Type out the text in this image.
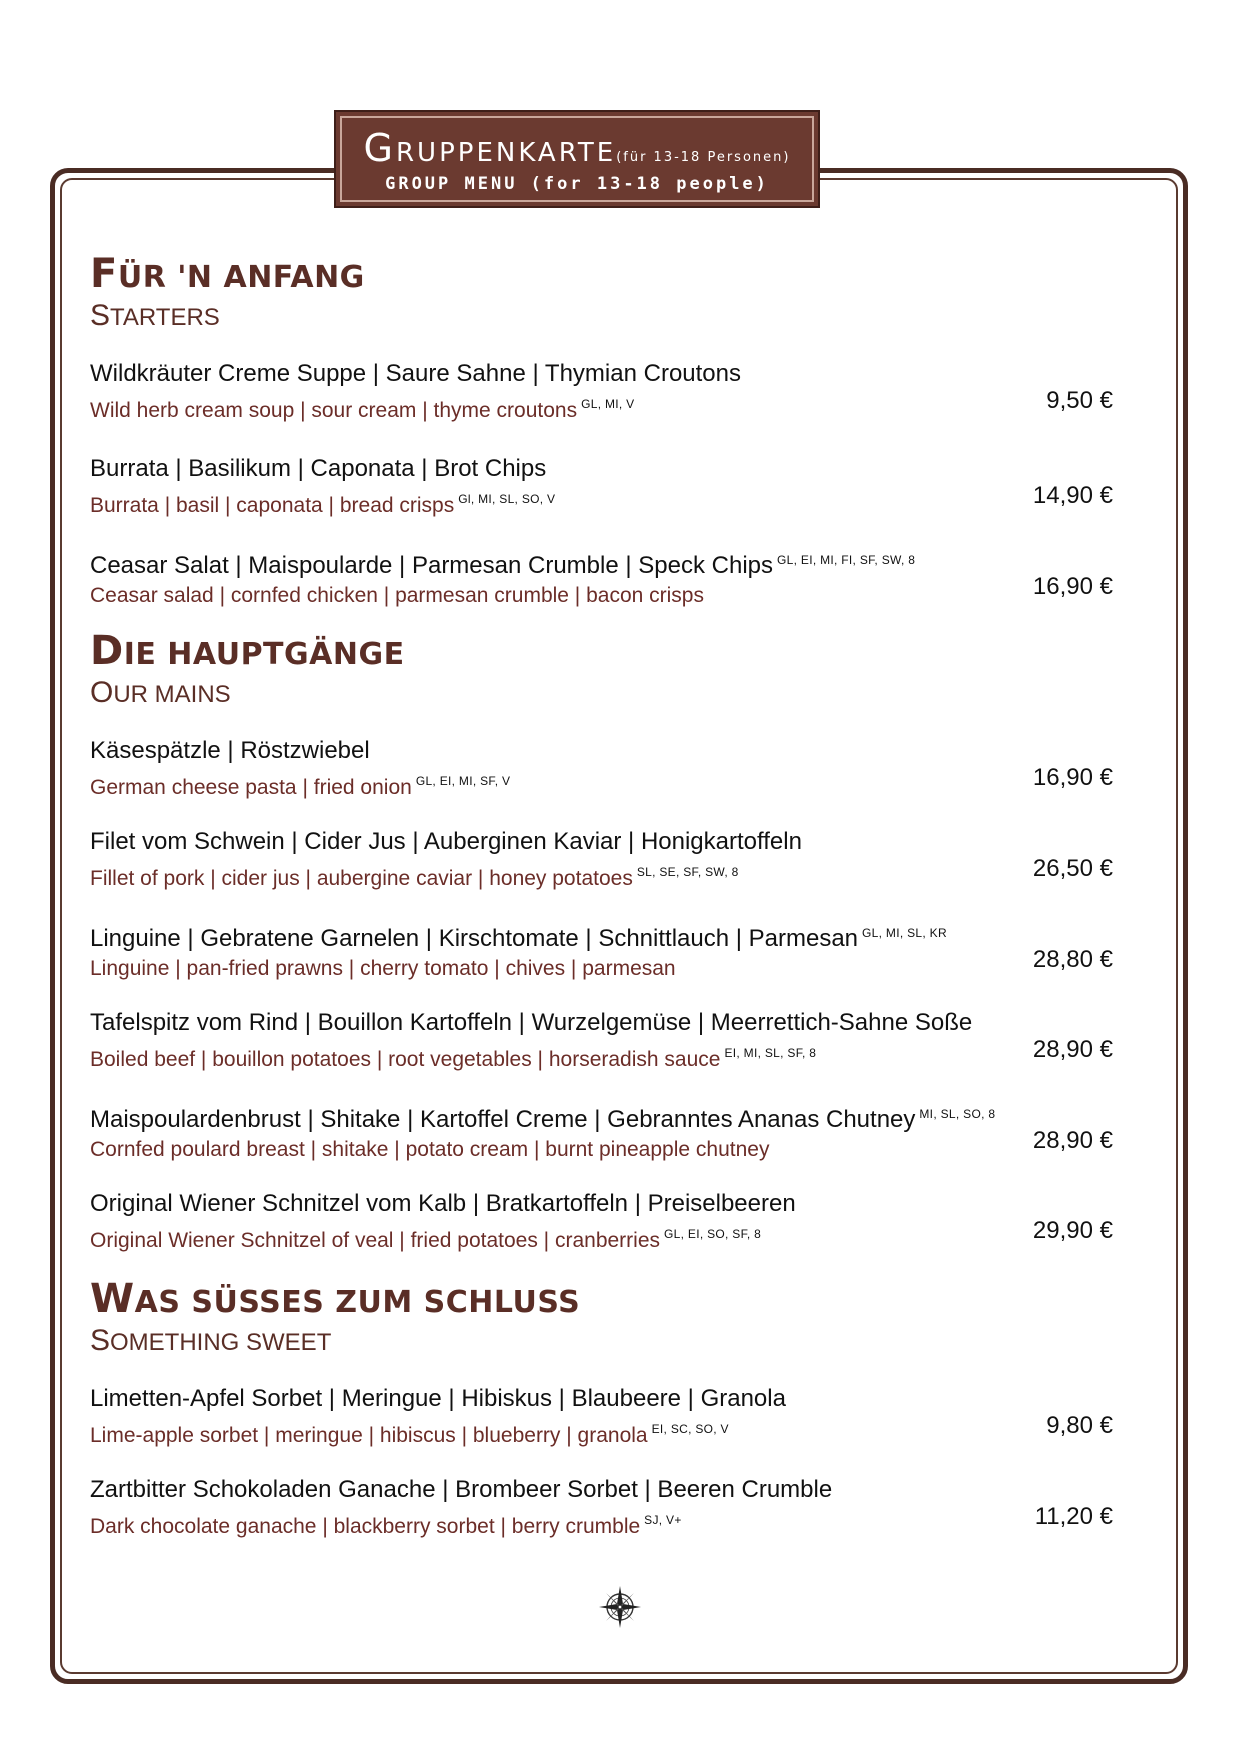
GRUPPENKARTE(für 13-18 Personen)
GROUP MENU (for 13-18 people)
FÜR 'N ANFANG
STARTERS
Wildkräuter Creme Suppe | Saure Sahne | Thymian Croutons
Wild herb cream soup | sour cream | thyme croutons $^{GL, MI, V}$	9,50 €
Burrata | Basilikum | Caponata | Brot Chips
Burrata | basil | caponata | bread crisps $^{Gl, MI, SL, SO, V}$	14,90 €
Ceasar Salat | Maispoularde | Parmesan Crumble | Speck Chips $^{GL, EI, MI, FI, SF, SW, 8}$
Ceasar salad | cornfed chicken | parmesan crumble | bacon crisps	16,90 €
DIE HAUPTGÄNGE
OUR MAINS
Käsespätzle | Röstzwiebel
German cheese pasta | fried onion $^{GL, EI, MI, SF, V}$	16,90 €
Filet vom Schwein | Cider Jus | Auberginen Kaviar | Honigkartoffeln
Fillet of pork | cider jus | aubergine caviar | honey potatoes $^{SL, SE, SF, SW, 8}$	26,50 €
Linguine | Gebratene Garnelen | Kirschtomate | Schnittlauch | Parmesan $^{GL, MI, SL, KR}$
Linguine | pan-fried prawns | cherry tomato | chives | parmesan	28,80 €
Tafelspitz vom Rind | Bouillon Kartoffeln | Wurzelgemüse | Meerrettich-Sahne Soße
Boiled beef | bouillon potatoes | root vegetables | horseradish sauce $^{EI, MI, SL, SF, 8}$	28,90 €
Maispoulardenbrust | Shitake | Kartoffel Creme | Gebranntes Ananas Chutney $^{MI, SL, SO, 8}$
Cornfed poulard breast | shitake | potato cream | burnt pineapple chutney	28,90 €
Original Wiener Schnitzel vom Kalb | Bratkartoffeln | Preiselbeeren
Original Wiener Schnitzel of veal | fried potatoes | cranberries $^{GL, EI, SO, SF, 8}$	29,90 €
WAS SÜSSES ZUM SCHLUSS
SOMETHING SWEET
Limetten-Apfel Sorbet | Meringue | Hibiskus | Blaubeere | Granola
Lime-apple sorbet | meringue | hibiscus | blueberry | granola $^{EI, SC, SO, V}$	9,80 €
Zartbitter Schokoladen Ganache | Brombeer Sorbet | Beeren Crumble
Dark chocolate ganache | blackberry sorbet | berry crumble $^{SJ, V+}$	11,20 €
